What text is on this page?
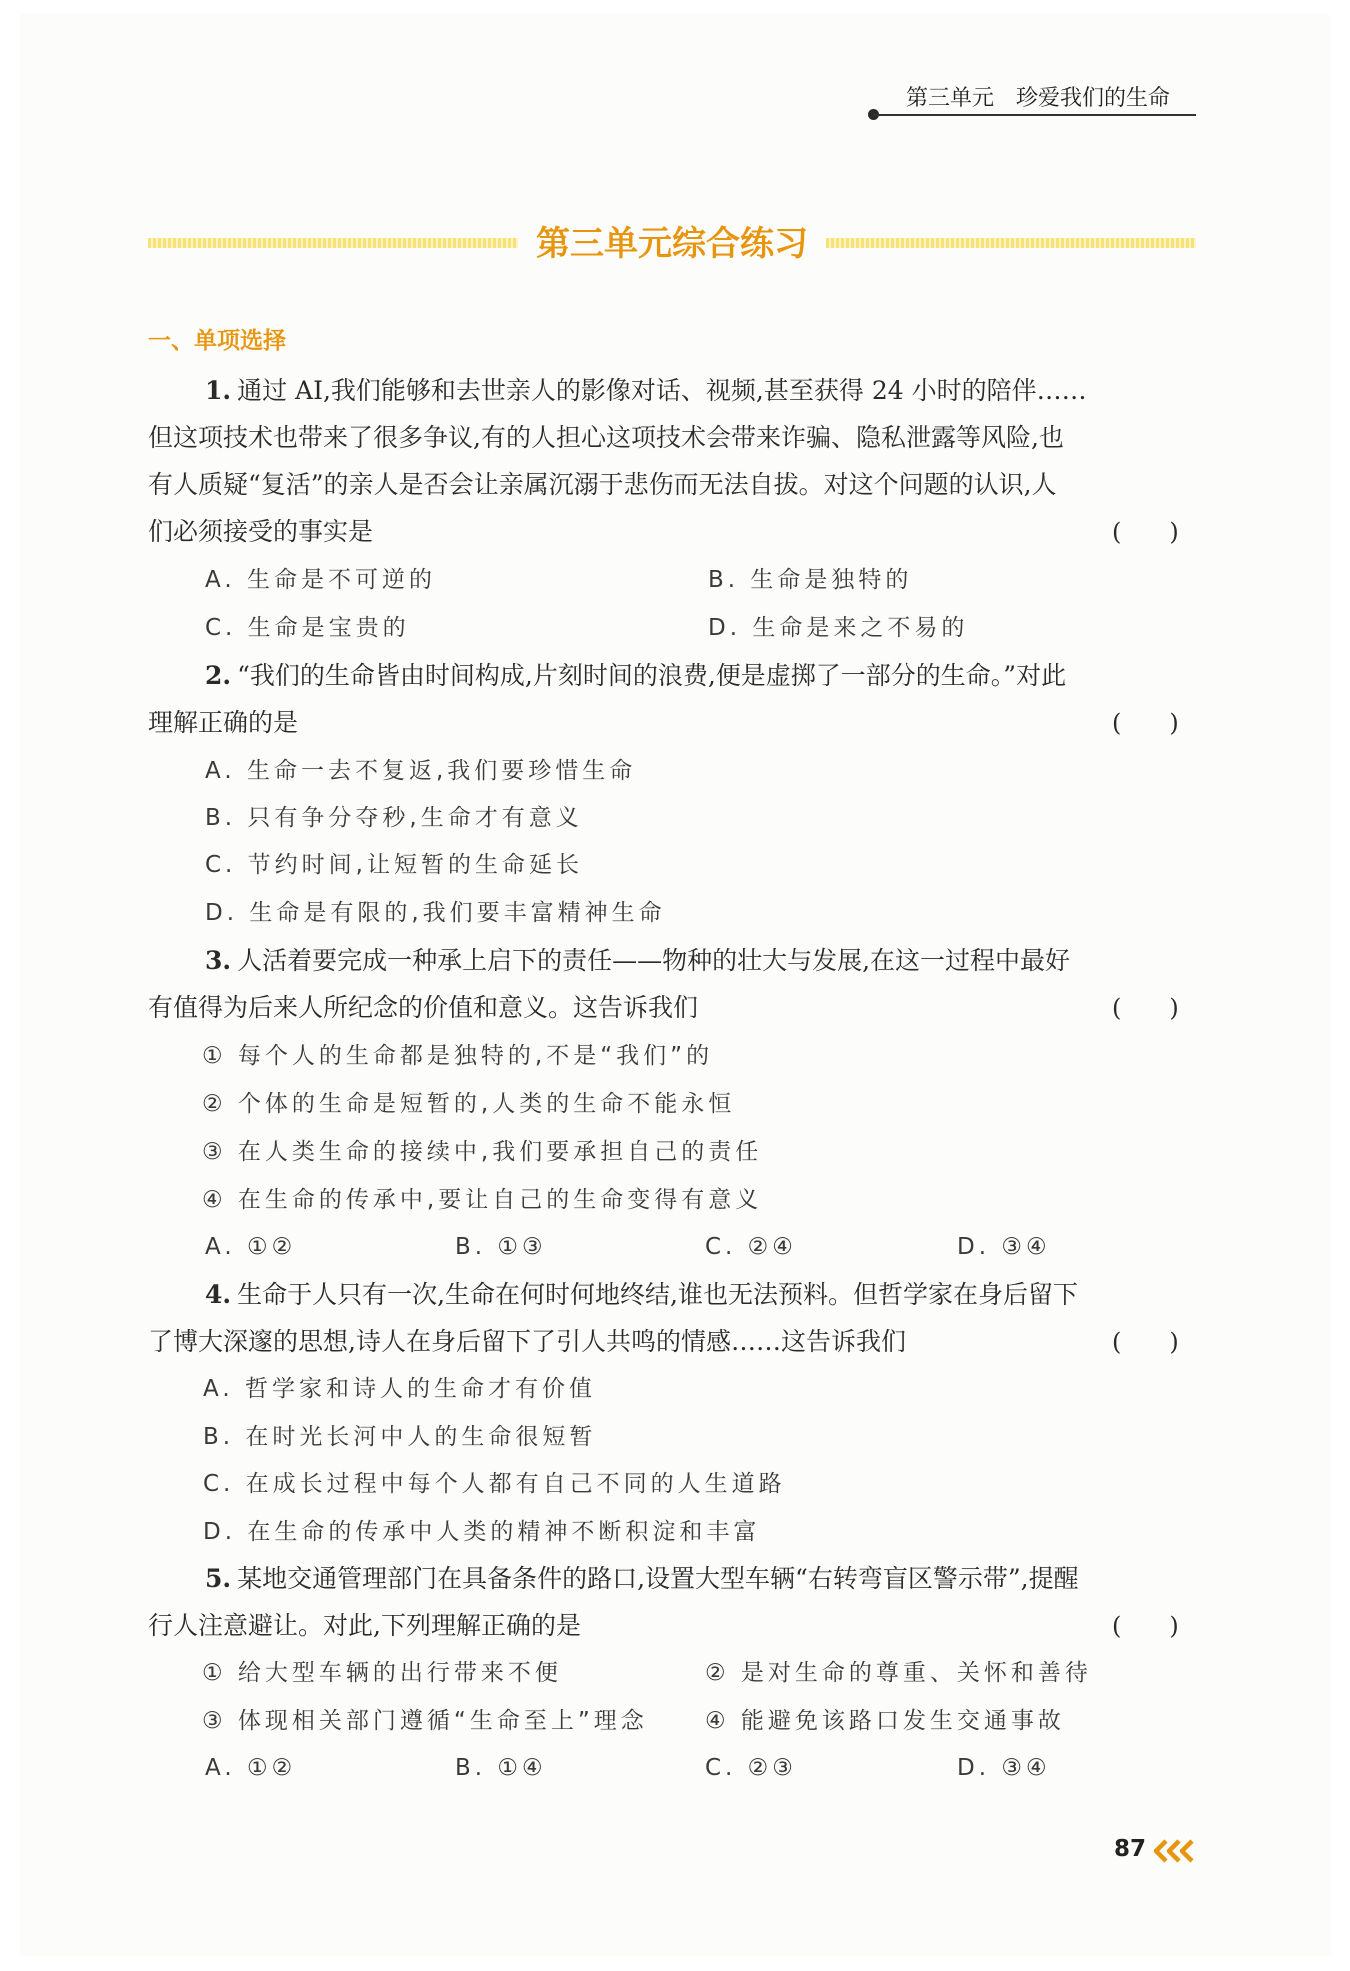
第三单元　珍爱我们的生命
第三单元综合练习
一、单项选择
1. 通过 AI,我们能够和去世亲人的影像对话、视频,甚至获得 24 小时的陪伴……
但这项技术也带来了很多争议,有的人担心这项技术会带来诈骗、隐私泄露等风险,也
有人质疑“复活”的亲人是否会让亲属沉溺于悲伤而无法自拔。对这个问题的认识,人
们必须接受的事实是	(　　)
A. 生命是不可逆的	B. 生命是独特的
C. 生命是宝贵的	D. 生命是来之不易的
2. “我们的生命皆由时间构成,片刻时间的浪费,便是虚掷了一部分的生命。”对此
理解正确的是	(　　)
A. 生命一去不复返,我们要珍惜生命
B. 只有争分夺秒,生命才有意义
C. 节约时间,让短暂的生命延长
D. 生命是有限的,我们要丰富精神生命
3. 人活着要完成一种承上启下的责任——物种的壮大与发展,在这一过程中最好
有值得为后来人所纪念的价值和意义。这告诉我们	(　　)
① 每个人的生命都是独特的,不是“我们”的
② 个体的生命是短暂的,人类的生命不能永恒
③ 在人类生命的接续中,我们要承担自己的责任
④ 在生命的传承中,要让自己的生命变得有意义
A. ①②	B. ①③	C. ②④	D. ③④
4. 生命于人只有一次,生命在何时何地终结,谁也无法预料。但哲学家在身后留下
了博大深邃的思想,诗人在身后留下了引人共鸣的情感……这告诉我们	(　　)
A. 哲学家和诗人的生命才有价值
B. 在时光长河中人的生命很短暂
C. 在成长过程中每个人都有自己不同的人生道路
D. 在生命的传承中人类的精神不断积淀和丰富
5. 某地交通管理部门在具备条件的路口,设置大型车辆“右转弯盲区警示带”,提醒
行人注意避让。对此,下列理解正确的是	(　　)
① 给大型车辆的出行带来不便	② 是对生命的尊重、关怀和善待
③ 体现相关部门遵循“生命至上”理念 ④ 能避免该路口发生交通事故
A. ①②	B. ①④	C. ②③	D. ③④
87
